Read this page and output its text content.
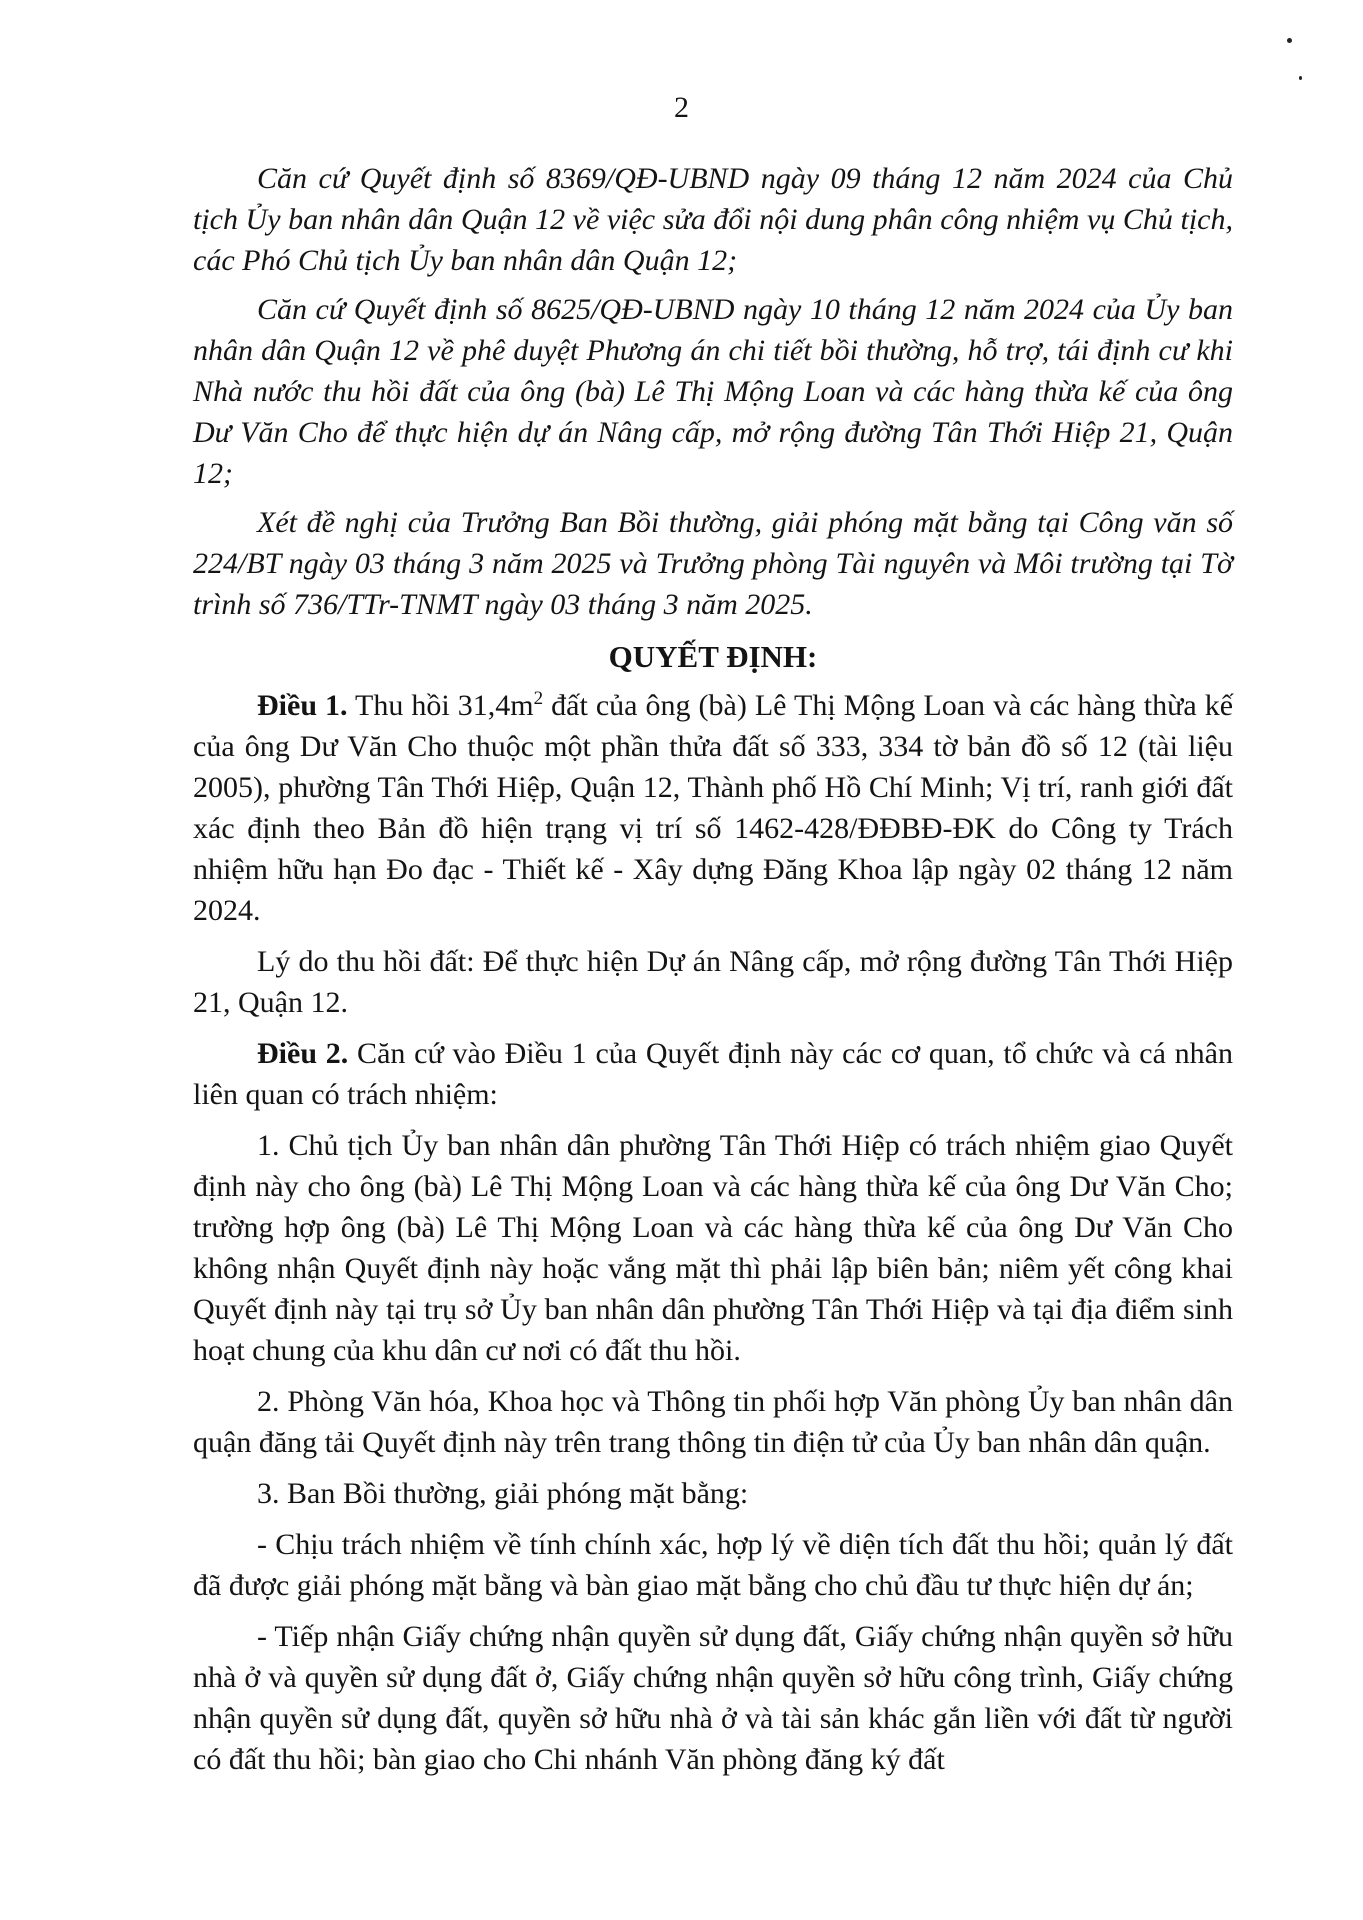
2

Căn cứ Quyết định số 8369/QĐ-UBND ngày 09 tháng 12 năm 2024 của Chủ tịch Ủy ban nhân dân Quận 12 về việc sửa đổi nội dung phân công nhiệm vụ Chủ tịch, các Phó Chủ tịch Ủy ban nhân dân Quận 12;

Căn cứ Quyết định số 8625/QĐ-UBND ngày 10 tháng 12 năm 2024 của Ủy ban nhân dân Quận 12 về phê duyệt Phương án chi tiết bồi thường, hỗ trợ, tái định cư khi Nhà nước thu hồi đất của ông (bà) Lê Thị Mộng Loan và các hàng thừa kế của ông Dư Văn Cho để thực hiện dự án Nâng cấp, mở rộng đường Tân Thới Hiệp 21, Quận 12;

Xét đề nghị của Trưởng Ban Bồi thường, giải phóng mặt bằng tại Công văn số 224/BT ngày 03 tháng 3 năm 2025 và Trưởng phòng Tài nguyên và Môi trường tại Tờ trình số 736/TTr-TNMT ngày 03 tháng 3 năm 2025.

QUYẾT ĐỊNH:

Điều 1. Thu hồi $31,4m^2$ đất của ông (bà) Lê Thị Mộng Loan và các hàng thừa kế của ông Dư Văn Cho thuộc một phần thửa đất số 333, 334 tờ bản đồ số 12 (tài liệu 2005), phường Tân Thới Hiệp, Quận 12, Thành phố Hồ Chí Minh; Vị trí, ranh giới đất xác định theo Bản đồ hiện trạng vị trí số 1462-428/ĐĐBĐ-ĐK do Công ty Trách nhiệm hữu hạn Đo đạc - Thiết kế - Xây dựng Đăng Khoa lập ngày 02 tháng 12 năm 2024.

Lý do thu hồi đất: Để thực hiện Dự án Nâng cấp, mở rộng đường Tân Thới Hiệp 21, Quận 12.

Điều 2. Căn cứ vào Điều 1 của Quyết định này các cơ quan, tổ chức và cá nhân liên quan có trách nhiệm:

1. Chủ tịch Ủy ban nhân dân phường Tân Thới Hiệp có trách nhiệm giao Quyết định này cho ông (bà) Lê Thị Mộng Loan và các hàng thừa kế của ông Dư Văn Cho; trường hợp ông (bà) Lê Thị Mộng Loan và các hàng thừa kế của ông Dư Văn Cho không nhận Quyết định này hoặc vắng mặt thì phải lập biên bản; niêm yết công khai Quyết định này tại trụ sở Ủy ban nhân dân phường Tân Thới Hiệp và tại địa điểm sinh hoạt chung của khu dân cư nơi có đất thu hồi.

2. Phòng Văn hóa, Khoa học và Thông tin phối hợp Văn phòng Ủy ban nhân dân quận đăng tải Quyết định này trên trang thông tin điện tử của Ủy ban nhân dân quận.

3. Ban Bồi thường, giải phóng mặt bằng:

- Chịu trách nhiệm về tính chính xác, hợp lý về diện tích đất thu hồi; quản lý đất đã được giải phóng mặt bằng và bàn giao mặt bằng cho chủ đầu tư thực hiện dự án;

- Tiếp nhận Giấy chứng nhận quyền sử dụng đất, Giấy chứng nhận quyền sở hữu nhà ở và quyền sử dụng đất ở, Giấy chứng nhận quyền sở hữu công trình, Giấy chứng nhận quyền sử dụng đất, quyền sở hữu nhà ở và tài sản khác gắn liền với đất từ người có đất thu hồi; bàn giao cho Chi nhánh Văn phòng đăng ký đất
